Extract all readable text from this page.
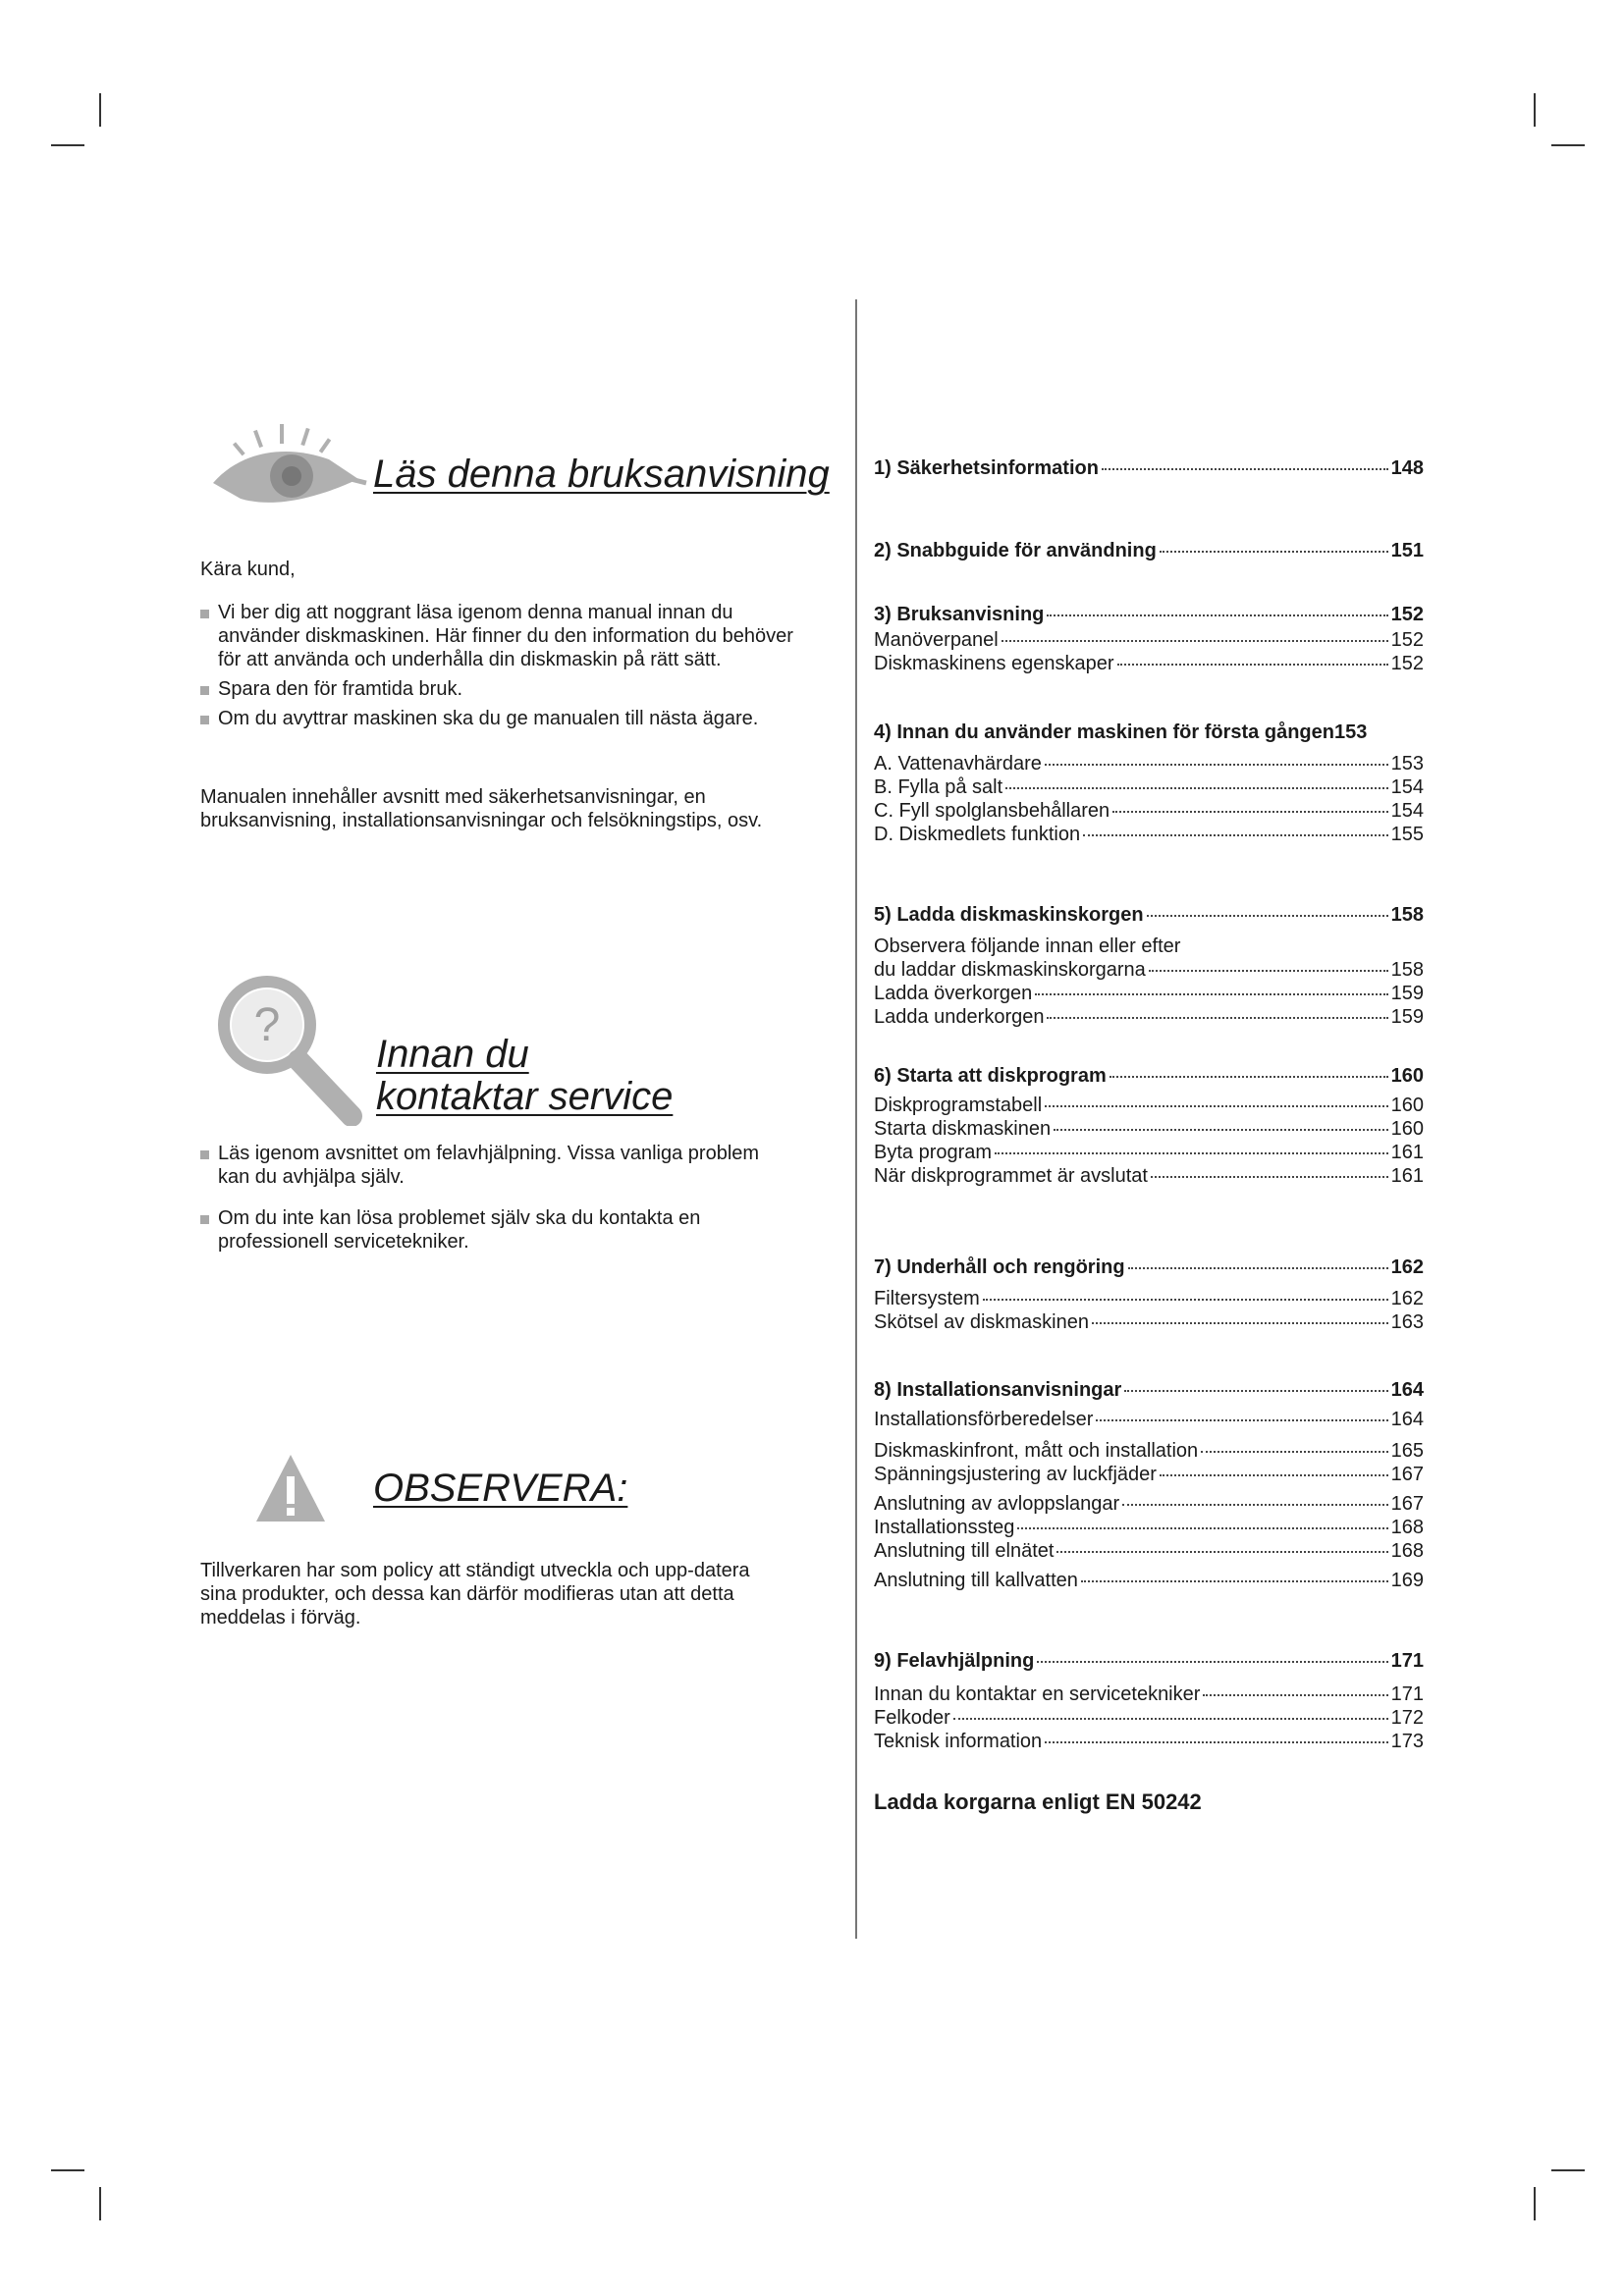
Läs denna bruksanvisning
Kära kund,
Vi ber dig att noggrant läsa igenom denna manual innan du använder diskmaskinen. Här finner du den information du behöver för att använda och underhålla din diskmaskin på rätt sätt.
Spara den för framtida bruk.
Om du avyttrar maskinen ska du ge manualen till nästa ägare.
Manualen innehåller avsnitt med säkerhetsanvisningar, en bruksanvisning, installationsanvisningar och felsökningstips, osv.
?
Innan du
kontaktar service
Läs igenom avsnittet om felavhjälpning. Vissa vanliga problem kan du avhjälpa själv.
Om du inte kan lösa problemet själv ska du kontakta en professionell servicetekniker.
OBSERVERA:
Tillverkaren har som policy att ständigt utveckla och upp-datera sina produkter, och dessa kan därför modifieras utan att detta meddelas i förväg.
1) Säkerhetsinformation	148
2) Snabbguide för användning	151
3) Bruksanvisning	152
Manöverpanel	152
Diskmaskinens egenskaper	152
4) Innan du använder maskinen för första gången 153
A. Vattenavhärdare	153
B. Fylla på salt	154
C. Fyll spolglansbehållaren	154
D. Diskmedlets funktion	155
5) Ladda diskmaskinskorgen	158
Observera följande innan eller efter
du laddar diskmaskinskorgarna	158
Ladda överkorgen	159
Ladda underkorgen	159
6) Starta att diskprogram	160
Diskprogramstabell	160
Starta diskmaskinen	160
Byta program	161
När diskprogrammet är avslutat	161
7) Underhåll och rengöring	162
Filtersystem	162
Skötsel av diskmaskinen	163
8) Installationsanvisningar	164
Installationsförberedelser	164
Diskmaskinfront, mått och installation	165
Spänningsjustering av luckfjäder	167
Anslutning av avloppslangar	167
Installationssteg	168
Anslutning till elnätet	168
Anslutning till kallvatten	169
9) Felavhjälpning	171
Innan du kontaktar en servicetekniker	171
Felkoder	172
Teknisk information	173
Ladda korgarna enligt EN 50242
